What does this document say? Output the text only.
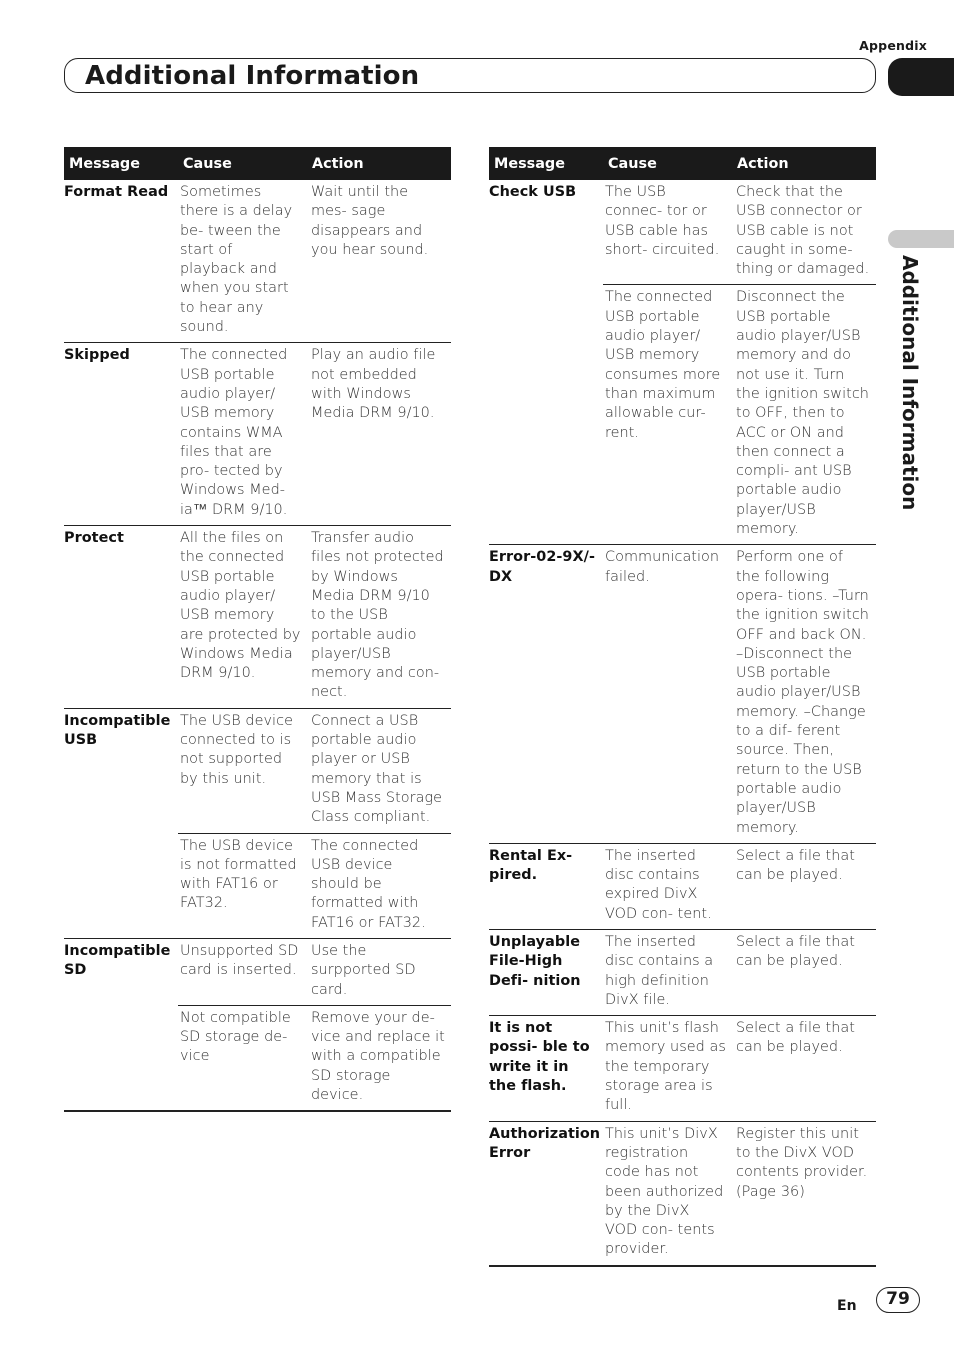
Appendix
Additional Information
Additional Information
Message	Cause	Action
Format Read	Sometimes there is a delay be- tween the start of playback and when you start to hear any sound.	Wait until the mes- sage disappears and you hear sound.
Skipped	The connected USB portable audio player/ USB memory contains WMA files that are pro- tected by Windows Med- ia™ DRM 9/10.	Play an audio file not embedded with Windows Media DRM 9/10.
Protect	All the files on the connected USB portable audio player/ USB memory are protected by Windows Media DRM 9/10.	Transfer audio files not protected by Windows Media DRM 9/10 to the USB portable audio player/USB memory and con- nect.
Incompatible USB	The USB device connected to is not supported by this unit.	Connect a USB portable audio player or USB memory that is USB Mass Storage Class compliant.
	The USB device is not formatted with FAT16 or FAT32.	The connected USB device should be formatted with FAT16 or FAT32.
Incompatible SD	Unsupported SD card is inserted.	Use the surpported SD card.
	Not compatible SD storage de- vice	Remove your de- vice and replace it with a compatible SD storage device.
Message	Cause	Action
Check USB	The USB connec- tor or USB cable has short- circuited.	Check that the USB connector or USB cable is not caught in some- thing or damaged.
	The connected USB portable audio player/ USB memory consumes more than maximum allowable cur- rent.	Disconnect the USB portable audio player/USB memory and do not use it. Turn the ignition switch to OFF, then to ACC or ON and then connect a compli- ant USB portable audio player/USB memory.
Error-02-9X/- DX	Communication failed.	Perform one of the following opera- tions. –Turn the ignition switch OFF and back ON. –Disconnect the USB portable audio player/USB memory. –Change to a dif- ferent source. Then, return to the USB portable audio player/USB memory.
Rental Ex- pired.	The inserted disc contains expired DivX VOD con- tent.	Select a file that can be played.
Unplayable File-High Defi- nition	The inserted disc contains a high definition DivX file.	Select a file that can be played.
It is not possi- ble to write it in the flash.	This unit’s flash memory used as the temporary storage area is full.	Select a file that can be played.
Authorization Error	This unit’s DivX registration code has not been authorized by the DivX VOD con- tents provider.	Register this unit to the DivX VOD contents provider. (Page 36)
En	79
